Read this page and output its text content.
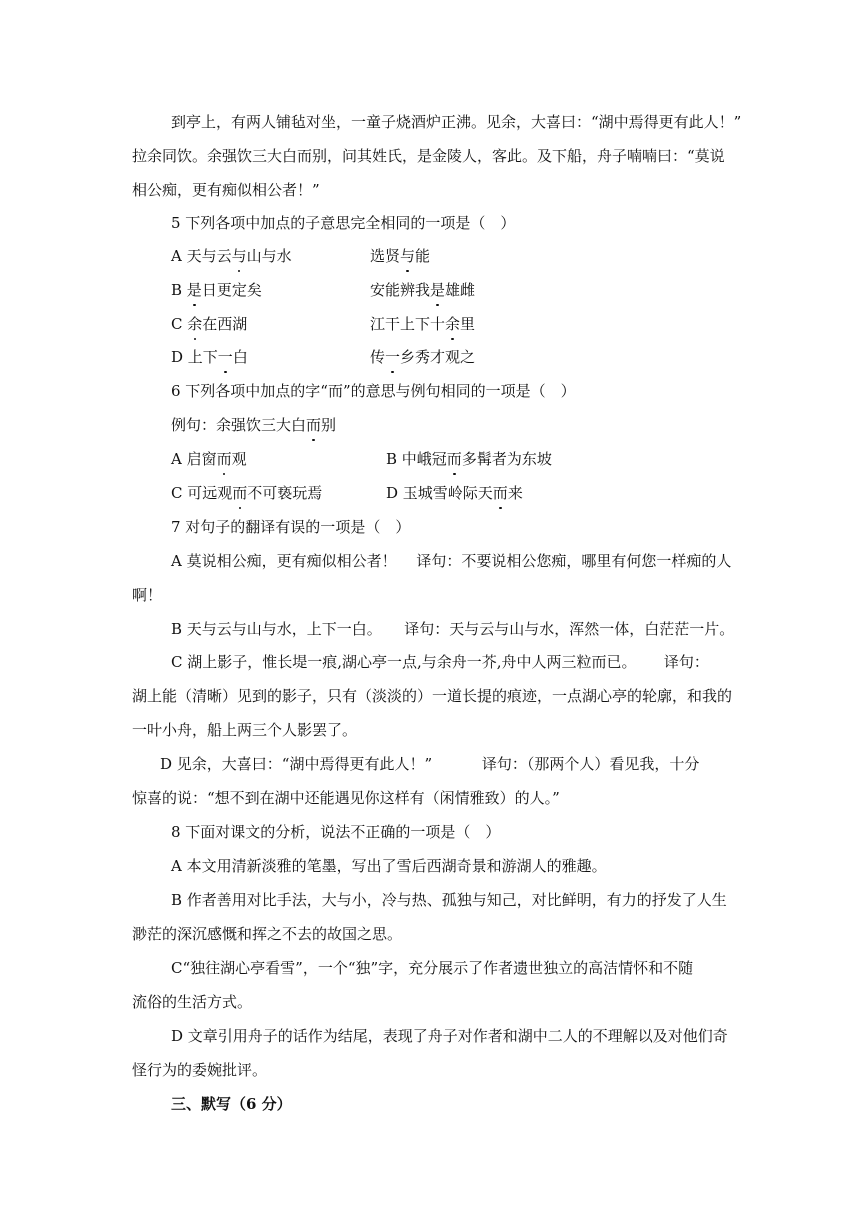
到亭上，有两人铺毡对坐，一童子烧酒炉正沸。见余，大喜曰：“湖中焉得更有此人！”
拉余同饮。余强饮三大白而别，问其姓氏，是金陵人，客此。及下船，舟子喃喃曰：“莫说
相公痴，更有痴似相公者！”
5 下列各项中加点的子意思完全相同的一项是（　）
A 天与云与山与水	选贤与能
B 是日更定矣	安能辨我是雄雌
C 余在西湖	江干上下十余里
D 上下一白	传一乡秀才观之
6 下列各项中加点的字“而”的意思与例句相同的一项是（　）
例句：余强饮三大白而别
A 启窗而观	B 中峨冠而多髯者为东坡
C 可远观而不可亵玩焉	D 玉城雪岭际天而来
7 对句子的翻译有误的一项是（　）
A 莫说相公痴，更有痴似相公者！　 译句：不要说相公您痴，哪里有何您一样痴的人
啊！
B 天与云与山与水，上下一白。　　译句：天与云与山与水，浑然一体，白茫茫一片。
C 湖上影子，惟长堤一痕,湖心亭一点,与余舟一芥,舟中人两三粒而已。　　 译句：
湖上能（清晰）见到的影子，只有（淡淡的）一道长提的痕迹，一点湖心亭的轮廓，和我的
一叶小舟，船上两三个人影罢了。
D 见余，大喜曰：“湖中焉得更有此人！”　　　 译句：（那两个人）看见我，十分
惊喜的说：“想不到在湖中还能遇见你这样有（闲情雅致）的人。”
8 下面对课文的分析，说法不正确的一项是（　）
A 本文用清新淡雅的笔墨，写出了雪后西湖奇景和游湖人的雅趣。
B 作者善用对比手法，大与小，冷与热、孤独与知己，对比鲜明，有力的抒发了人生
渺茫的深沉感慨和挥之不去的故国之思。
C“独往湖心亭看雪”，一个“独”字，充分展示了作者遗世独立的高洁情怀和不随
流俗的生活方式。
D 文章引用舟子的话作为结尾，表现了舟子对作者和湖中二人的不理解以及对他们奇
怪行为的委婉批评。
三、默写（6 分）
